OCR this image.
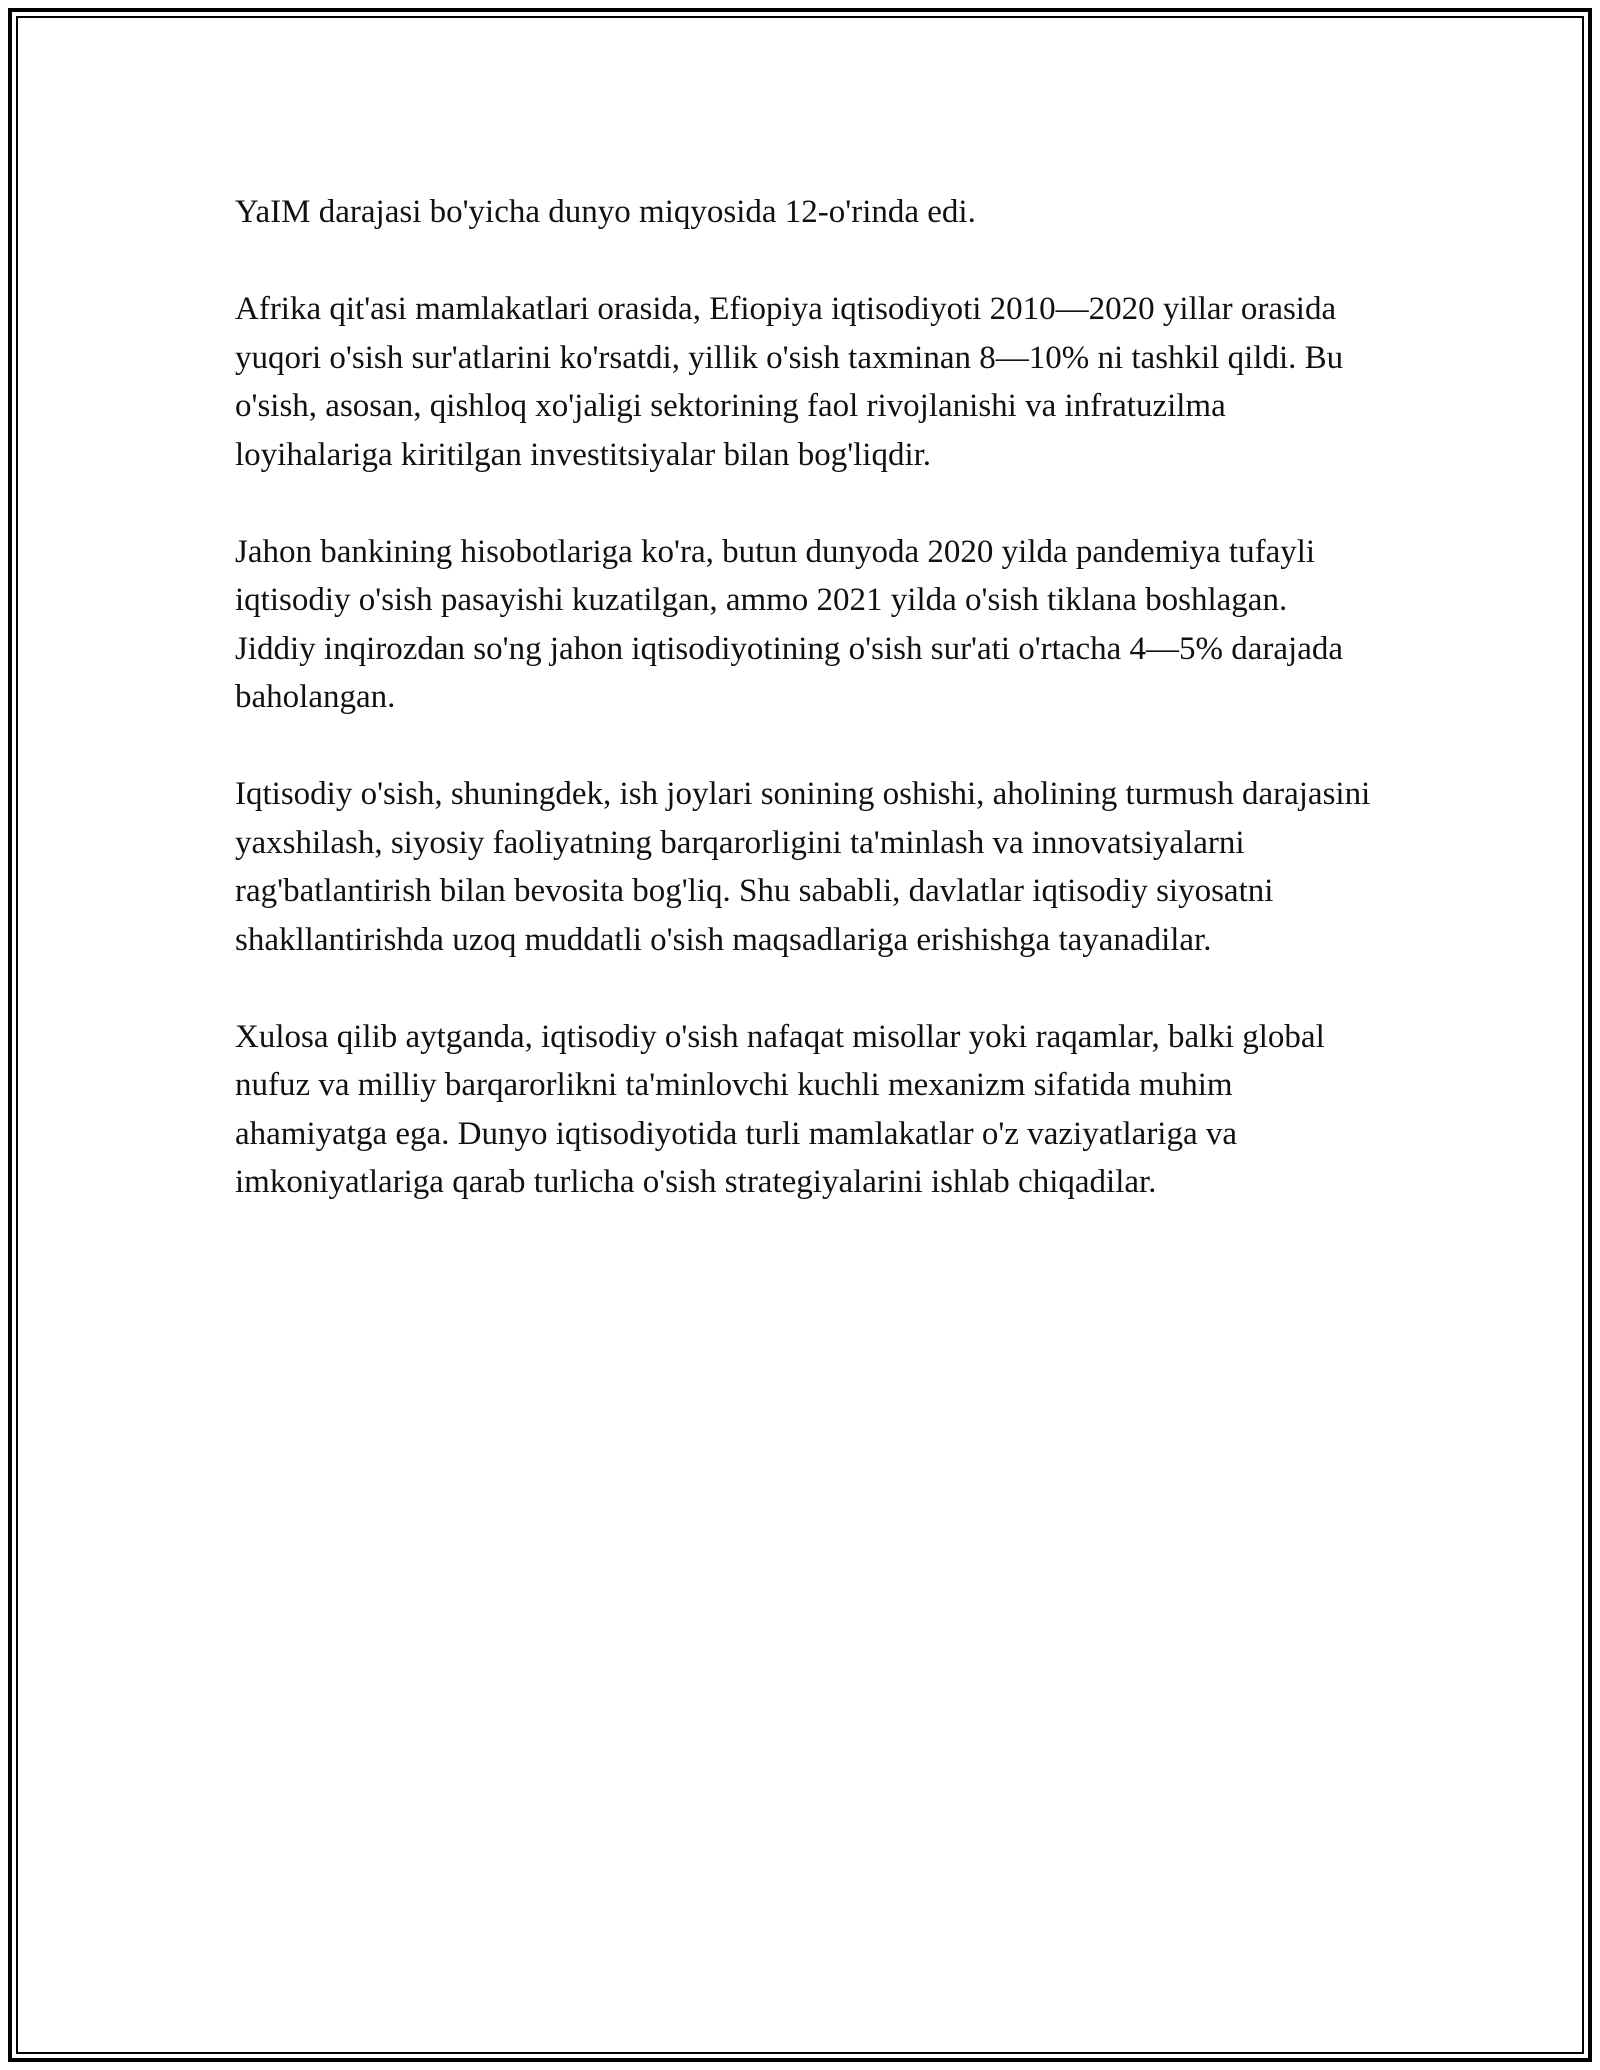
YaIM darajasi bo'yicha dunyo miqyosida 12-o'rinda edi.

Afrika qit'asi mamlakatlari orasida, Efiopiya iqtisodiyoti 2010—2020 yillar orasida yuqori o'sish sur'atlarini ko'rsatdi, yillik o'sish taxminan 8—10% ni tashkil qildi. Bu o'sish, asosan, qishloq xo'jaligi sektorining faol rivojlanishi va infratuzilma loyihalariga kiritilgan investitsiyalar bilan bog'liqdir.

Jahon bankining hisobotlariga ko'ra, butun dunyoda 2020 yilda pandemiya tufayli iqtisodiy o'sish pasayishi kuzatilgan, ammo 2021 yilda o'sish tiklana boshlagan. Jiddiy inqirozdan so'ng jahon iqtisodiyotining o'sish sur'ati o'rtacha 4—5% darajada baholangan.

Iqtisodiy o'sish, shuningdek, ish joylari sonining oshishi, aholining turmush darajasini yaxshilash, siyosiy faoliyatning barqarorligini ta'minlash va innovatsiyalarni rag'batlantirish bilan bevosita bog'liq. Shu sababli, davlatlar iqtisodiy siyosatni shakllantirishda uzoq muddatli o'sish maqsadlariga erishishga tayanadilar.

Xulosa qilib aytganda, iqtisodiy o'sish nafaqat misollar yoki raqamlar, balki global nufuz va milliy barqarorlikni ta'minlovchi kuchli mexanizm sifatida muhim ahamiyatga ega. Dunyo iqtisodiyotida turli mamlakatlar o'z vaziyatlariga va imkoniyatlariga qarab turlicha o'sish strategiyalarini ishlab chiqadilar.
